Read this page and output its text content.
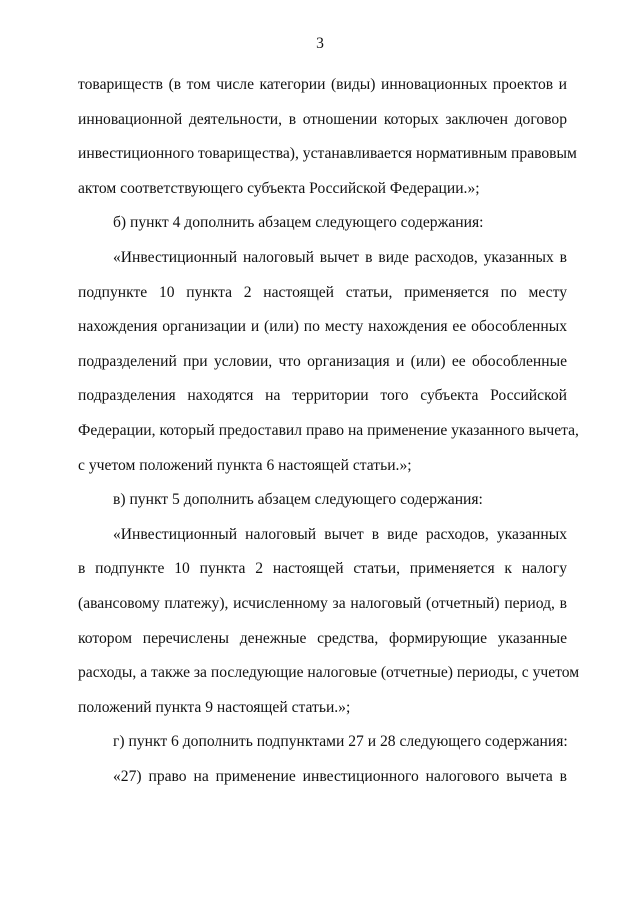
3
товариществ (в том числе категории (виды) инновационных проектов и
инновационной деятельности, в отношении которых заключен договор
инвестиционного товарищества), устанавливается нормативным правовым
актом соответствующего субъекта Российской Федерации.»;
б) пункт 4 дополнить абзацем следующего содержания:
«Инвестиционный налоговый вычет в виде расходов, указанных в
подпункте 10 пункта 2 настоящей статьи, применяется по месту
нахождения организации и (или) по месту нахождения ее обособленных
подразделений при условии, что организация и (или) ее обособленные
подразделения находятся на территории того субъекта Российской
Федерации, который предоставил право на применение указанного вычета,
с учетом положений пункта 6 настоящей статьи.»;
в) пункт 5 дополнить абзацем следующего содержания:
«Инвестиционный налоговый вычет в виде расходов, указанных
в подпункте 10 пункта 2 настоящей статьи, применяется к налогу
(авансовому платежу), исчисленному за налоговый (отчетный) период, в
котором перечислены денежные средства, формирующие указанные
расходы, а также за последующие налоговые (отчетные) периоды, с учетом
положений пункта 9 настоящей статьи.»;
г) пункт 6 дополнить подпунктами 27 и 28 следующего содержания:
«27) право на применение инвестиционного налогового вычета в
